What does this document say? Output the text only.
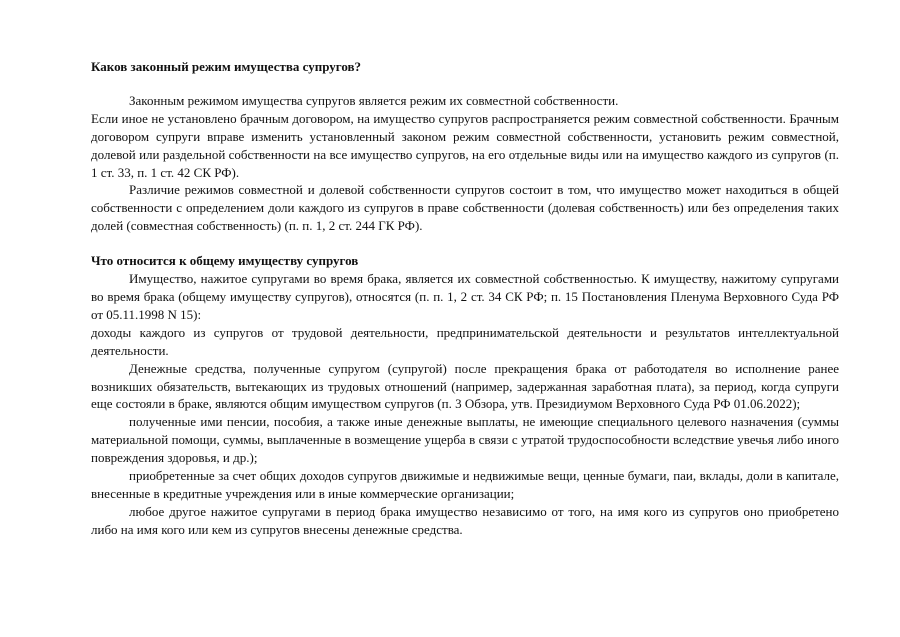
Каков законный режим имущества супругов?

Законным режимом имущества супругов является режим их совместной собственности.

Если иное не установлено брачным договором, на имущество супругов распространяется режим совместной собственности. Брачным договором супруги вправе изменить установленный законом режим совместной собственности, установить режим совместной, долевой или раздельной собственности на все имущество супругов, на его отдельные виды или на имущество каждого из супругов (п. 1 ст. 33, п. 1 ст. 42 СК РФ).

Различие режимов совместной и долевой собственности супругов состоит в том, что имущество может находиться в общей собственности с определением доли каждого из супругов в праве собственности (долевая собственность) или без определения таких долей (совместная собственность) (п. п. 1, 2 ст. 244 ГК РФ).

Что относится к общему имуществу супругов

Имущество, нажитое супругами во время брака, является их совместной собственностью. К имуществу, нажитому супругами во время брака (общему имуществу супругов), относятся (п. п. 1, 2 ст. 34 СК РФ; п. 15 Постановления Пленума Верховного Суда РФ от 05.11.1998 N 15):

доходы каждого из супругов от трудовой деятельности, предпринимательской деятельности и результатов интеллектуальной деятельности.

Денежные средства, полученные супругом (супругой) после прекращения брака от работодателя во исполнение ранее возникших обязательств, вытекающих из трудовых отношений (например, задержанная заработная плата), за период, когда супруги еще состояли в браке, являются общим имуществом супругов (п. 3 Обзора, утв. Президиумом Верховного Суда РФ 01.06.2022);

полученные ими пенсии, пособия, а также иные денежные выплаты, не имеющие специального целевого назначения (суммы материальной помощи, суммы, выплаченные в возмещение ущерба в связи с утратой трудоспособности вследствие увечья либо иного повреждения здоровья, и др.);

приобретенные за счет общих доходов супругов движимые и недвижимые вещи, ценные бумаги, паи, вклады, доли в капитале, внесенные в кредитные учреждения или в иные коммерческие организации;

любое другое нажитое супругами в период брака имущество независимо от того, на имя кого из супругов оно приобретено либо на имя кого или кем из супругов внесены денежные средства.
